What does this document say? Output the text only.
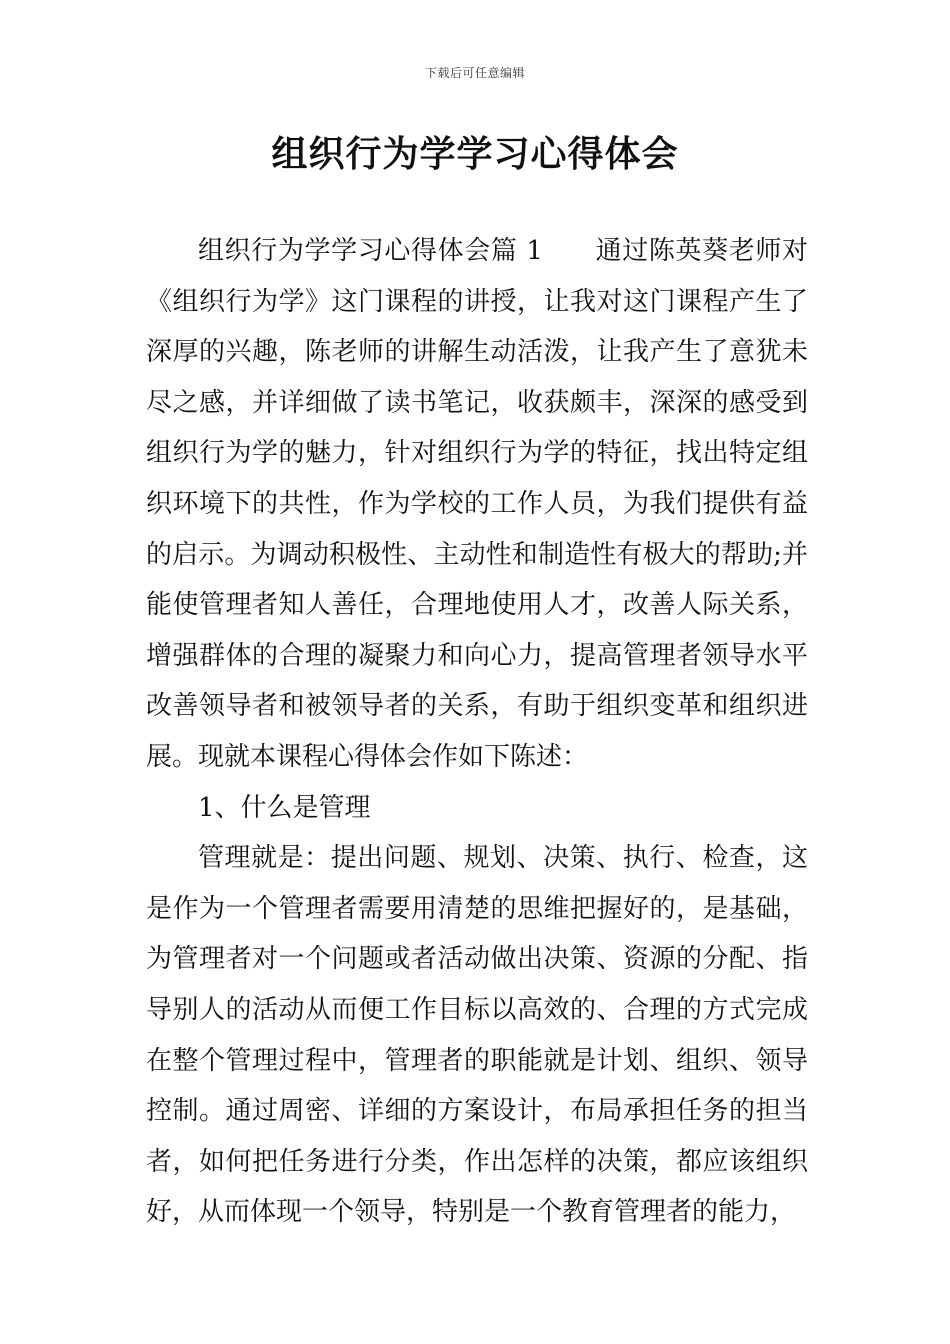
下载后可任意编辑
组织行为学学习心得体会

组织行为学学习心得体会篇 1 通过陈英葵老师对《组织行为学》这门课程的讲授，让我对这门课程产生了深厚的兴趣，陈老师的讲解生动活泼，让我产生了意犹未尽之感，并详细做了读书笔记，收获颇丰，深深的感受到组织行为学的魅力，针对组织行为学的特征，找出特定组织环境下的共性，作为学校的工作人员，为我们提供有益的启示。为调动积极性、主动性和制造性有极大的帮助;并能使管理者知人善任，合理地使用人才，改善人际关系，增强群体的合理的凝聚力和向心力，提高管理者领导水平改善领导者和被领导者的关系，有助于组织变革和组织进展。现就本课程心得体会作如下陈述：

1、什么是管理

管理就是：提出问题、规划、决策、执行、检查，这是作为一个管理者需要用清楚的思维把握好的，是基础，为管理者对一个问题或者活动做出决策、资源的分配、指导别人的活动从而便工作目标以高效的、合理的方式完成在整个管理过程中，管理者的职能就是计划、组织、领导控制。通过周密、详细的方案设计，布局承担任务的担当者，如何把任务进行分类，作出怎样的决策，都应该组织好，从而体现一个领导，特别是一个教育管理者的能力，
